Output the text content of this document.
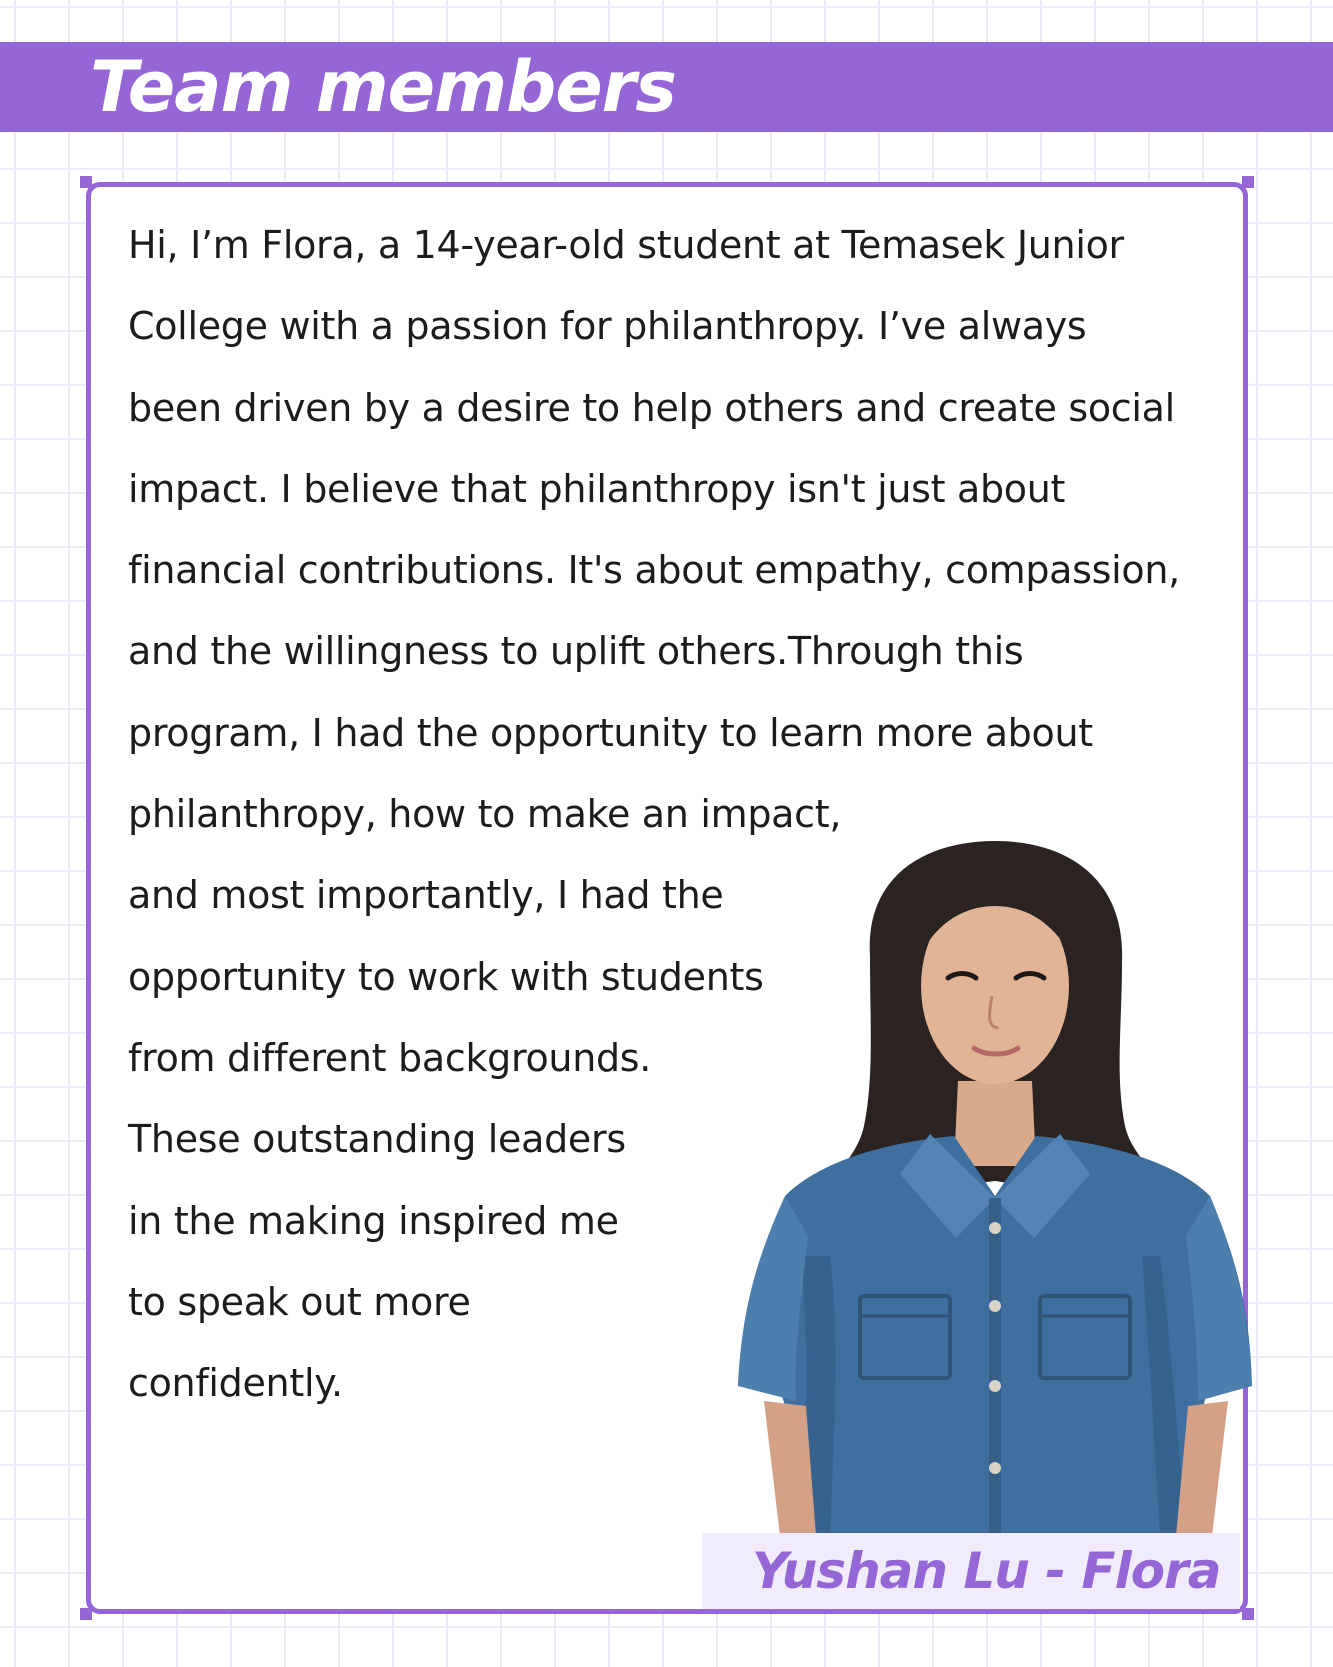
Team members

Hi, I’m Flora, a 14-year-old student at Temasek Junior
College with a passion for philanthropy. I’ve always
been driven by a desire to help others and create social
impact. I believe that philanthropy isn't just about
financial contributions. It's about empathy, compassion,
and the willingness to uplift others.Through this
program, I had the opportunity to learn more about
philanthropy, how to make an impact,
and most importantly, I had the
opportunity to work with students
from different backgrounds.
These outstanding leaders
in the making inspired me
to speak out more
confidently.

Yushan Lu - Flora
